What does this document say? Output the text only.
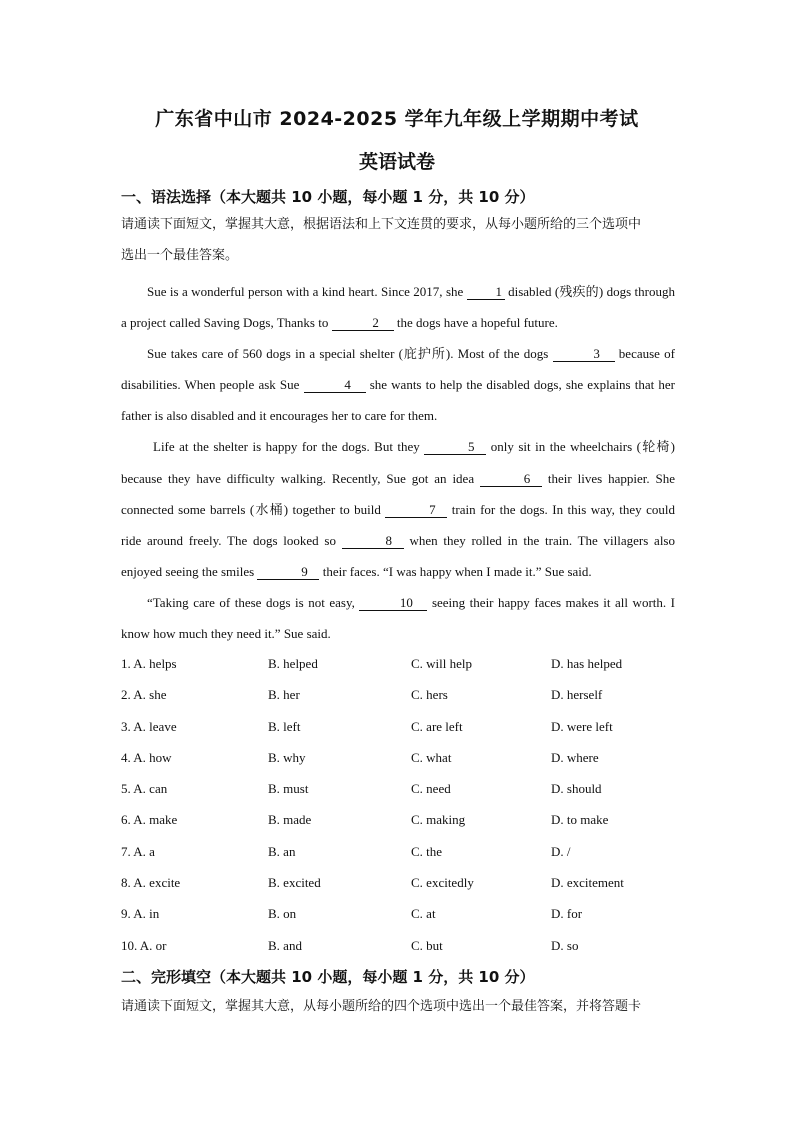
广东省中山市 2024-2025 学年九年级上学期期中考试
英语试卷
一、语法选择（本大题共 10 小题，每小题 1 分，共 10 分）
请通读下面短文，掌握其大意，根据语法和上下文连贯的要求，从每小题所给的三个选项中
选出一个最佳答案。

Sue is a wonderful person with a kind heart. Since 2017, she 1 disabled (残疾的) dogs through a project called Saving Dogs, Thanks to	2 the dogs have a hopeful future.

Sue takes care of 560 dogs in a special shelter (庇护所). Most of the dogs	3 because of disabilities. When people ask Sue	4 she wants to help the disabled dogs, she explains that her father is also disabled and it encourages her to care for them.

Life at the shelter is happy for the dogs. But they	5 only sit in the wheelchairs (轮椅) because they have difficulty walking. Recently, Sue got an idea	6 their lives happier. She connected some barrels (水桶) together to build	7 train for the dogs. In this way, they could ride around freely. The dogs looked so	8 when they rolled in the train. The villagers also enjoyed seeing the smiles	9 their faces. “I was happy when I made it.” Sue said.

“Taking care of these dogs is not easy,	10 seeing their happy faces makes it all worth. I know how much they need it.” Sue said.

1. A. helps	B. helped	C. will help	D. has helped
2. A. she	B. her	C. hers	D. herself
3. A. leave	B. left	C. are left	D. were left
4. A. how	B. why	C. what	D. where
5. A. can	B. must	C. need	D. should
6. A. make	B. made	C. making	D. to make
7. A. a	B. an	C. the	D. /
8. A. excite	B. excited	C. excitedly	D. excitement
9. A. in	B. on	C. at	D. for
10. A. or	B. and	C. but	D. so
二、完形填空（本大题共 10 小题，每小题 1 分，共 10 分）
请通读下面短文，掌握其大意，从每小题所给的四个选项中选出一个最佳答案，并将答题卡
